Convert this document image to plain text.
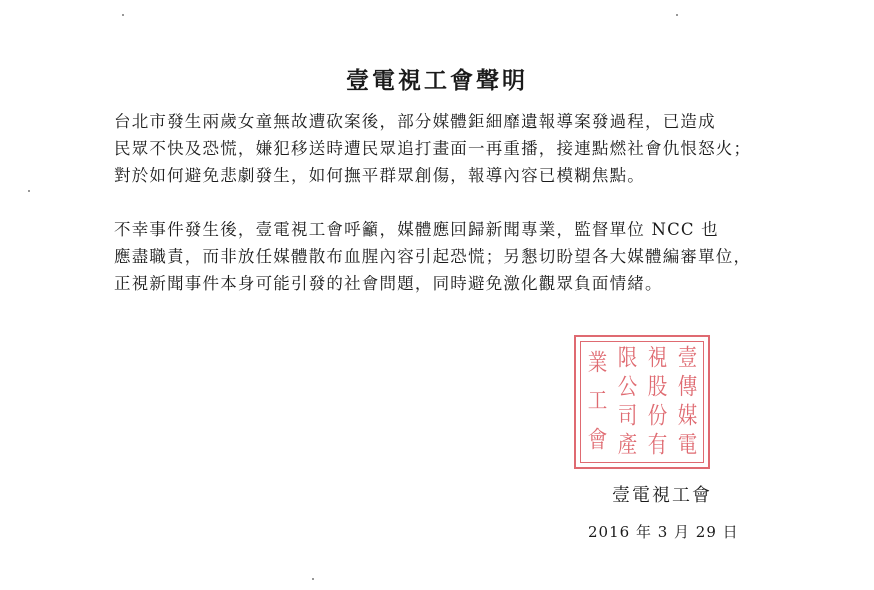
壹電視工會聲明

台北市發生兩歲女童無故遭砍案後，部分媒體鉅細靡遺報導案發過程，已造成
民眾不快及恐慌，嫌犯移送時遭民眾追打畫面一再重播，接連點燃社會仇恨怒火；
對於如何避免悲劇發生，如何撫平群眾創傷，報導內容已模糊焦點。

不幸事件發生後，壹電視工會呼籲，媒體應回歸新聞專業，監督單位 NCC 也
應盡職責，而非放任媒體散布血腥內容引起恐慌；另懇切盼望各大媒體編審單位，
正視新聞事件本身可能引發的社會問題，同時避免激化觀眾負面情緒。

壹
傳
媒
電
視
股
份
有
限
公
司
產
業
工
會

壹電視工會

2016 年 3 月 29 日
